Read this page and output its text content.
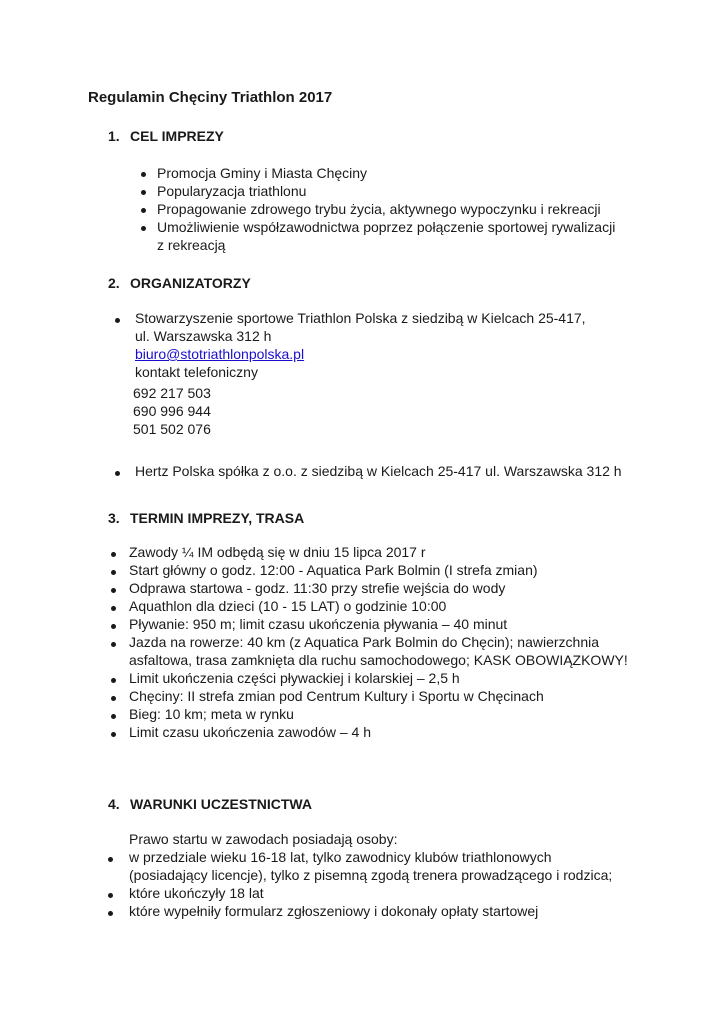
Regulamin Chęciny Triathlon 2017
1. CEL IMPREZY
Promocja Gminy i Miasta Chęciny
Popularyzacja triathlonu
Propagowanie zdrowego trybu życia, aktywnego wypoczynku i rekreacji
Umożliwienie współzawodnictwa poprzez połączenie sportowej rywalizacji
z rekreacją
2. ORGANIZATORZY
Stowarzyszenie sportowe Triathlon Polska z siedzibą w Kielcach 25-417,
ul. Warszawska 312 h
biuro@stotriathlonpolska.pl
kontakt telefoniczny
692 217 503
690 996 944
501 502 076
Hertz Polska spółka z o.o. z siedzibą w Kielcach 25-417 ul. Warszawska 312 h
3. TERMIN IMPREZY, TRASA
Zawody ¼ IM odbędą się w dniu 15 lipca 2017 r
Start główny o godz. 12:00 - Aquatica Park Bolmin (I strefa zmian)
Odprawa startowa - godz. 11:30 przy strefie wejścia do wody
Aquathlon dla dzieci (10 - 15 LAT) o godzinie 10:00
Pływanie: 950 m; limit czasu ukończenia pływania – 40 minut
Jazda na rowerze: 40 km (z Aquatica Park Bolmin do Chęcin); nawierzchnia
asfaltowa, trasa zamknięta dla ruchu samochodowego; KASK OBOWIĄZKOWY!
Limit ukończenia części pływackiej i kolarskiej – 2,5 h
Chęciny: II strefa zmian pod Centrum Kultury i Sportu w Chęcinach
Bieg: 10 km; meta w rynku
Limit czasu ukończenia zawodów – 4 h
4. WARUNKI UCZESTNICTWA
Prawo startu w zawodach posiadają osoby:
w przedziale wieku 16-18 lat, tylko zawodnicy klubów triathlonowych
(posiadający licencje), tylko z pisemną zgodą trenera prowadzącego i rodzica;
które ukończyły 18 lat
które wypełniły formularz zgłoszeniowy i dokonały opłaty startowej
